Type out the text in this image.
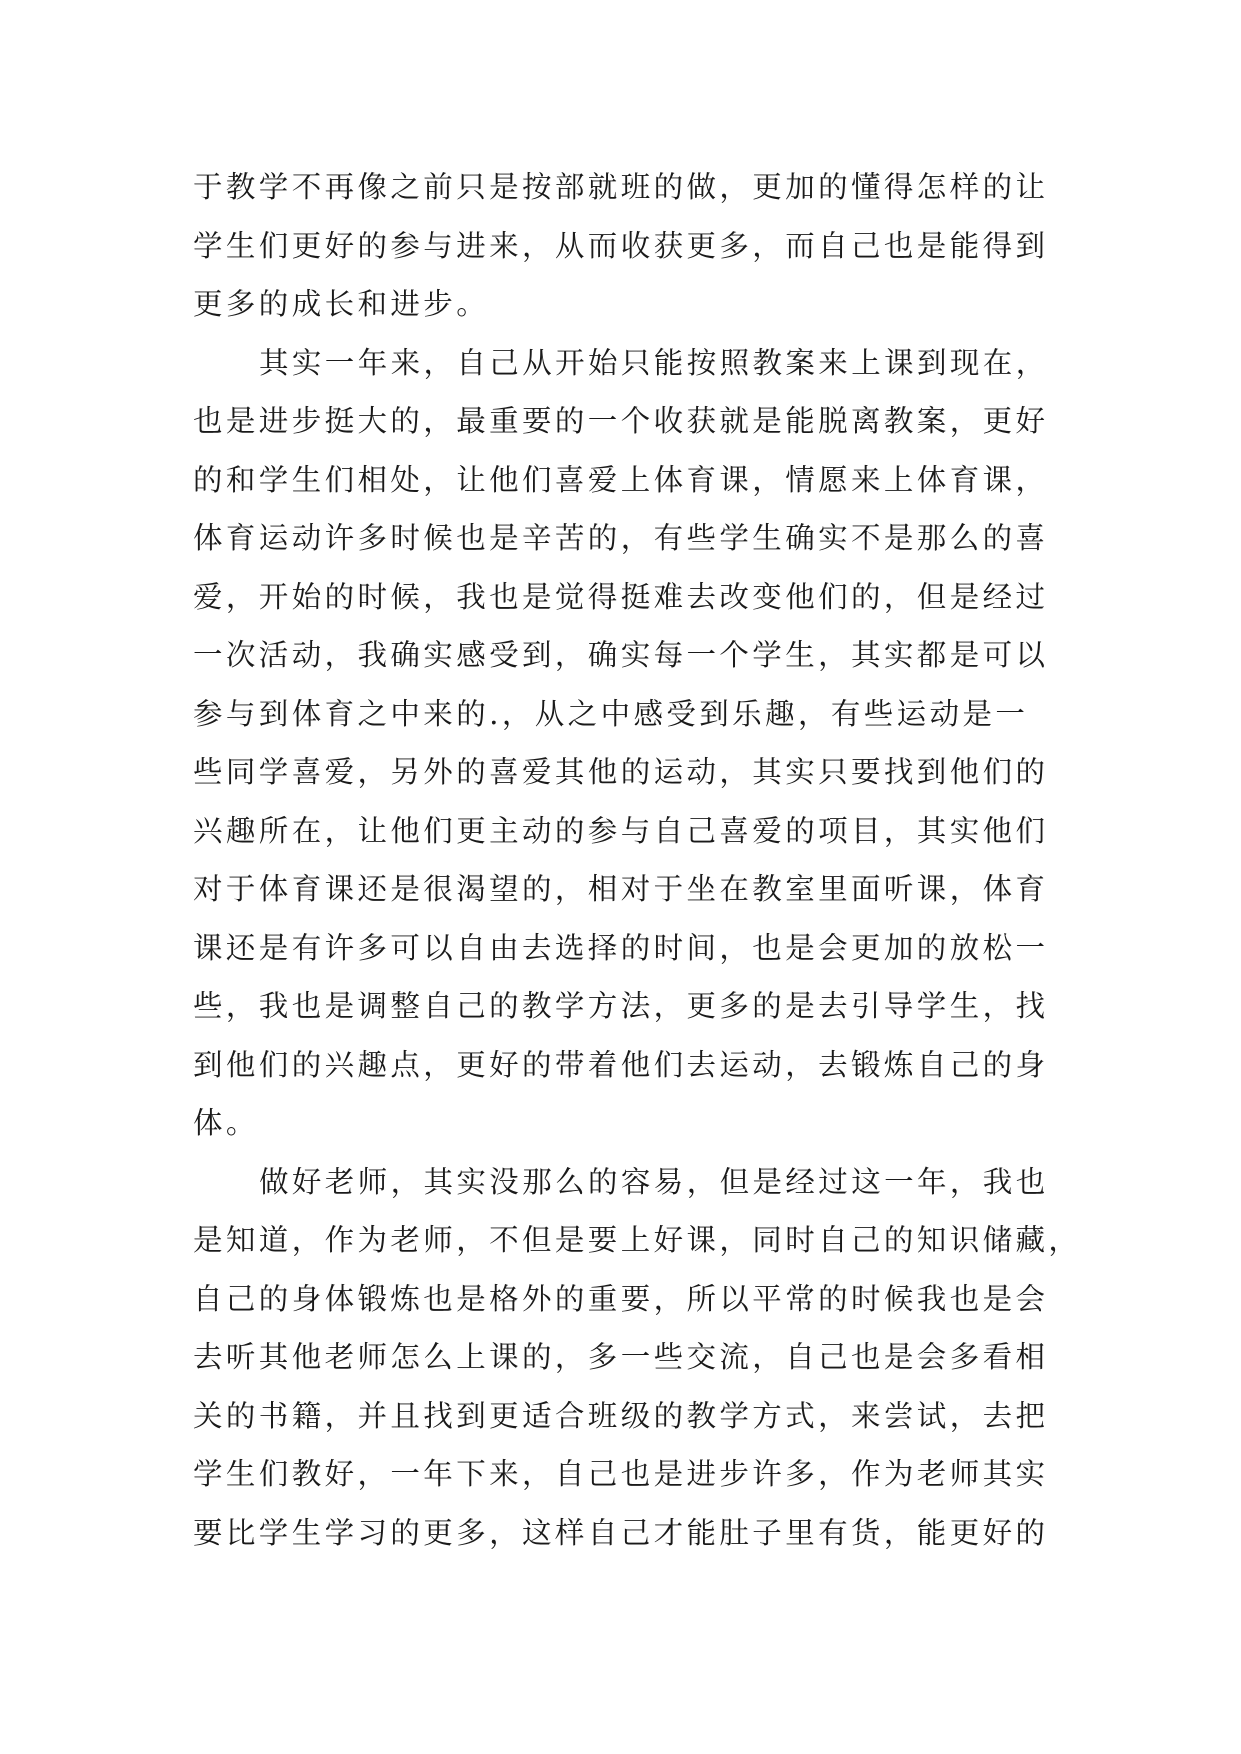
于教学不再像之前只是按部就班的做，更加的懂得怎样的让
学生们更好的参与进来，从而收获更多，而自己也是能得到
更多的成长和进步。
其实一年来，自己从开始只能按照教案来上课到现在，
也是进步挺大的，最重要的一个收获就是能脱离教案，更好
的和学生们相处，让他们喜爱上体育课，情愿来上体育课，
体育运动许多时候也是辛苦的，有些学生确实不是那么的喜
爱，开始的时候，我也是觉得挺难去改变他们的，但是经过
一次活动，我确实感受到，确实每一个学生，其实都是可以
参与到体育之中来的.，从之中感受到乐趣，有些运动是一
些同学喜爱，另外的喜爱其他的运动，其实只要找到他们的
兴趣所在，让他们更主动的参与自己喜爱的项目，其实他们
对于体育课还是很渴望的，相对于坐在教室里面听课，体育
课还是有许多可以自由去选择的时间，也是会更加的放松一
些，我也是调整自己的教学方法，更多的是去引导学生，找
到他们的兴趣点，更好的带着他们去运动，去锻炼自己的身
体。
做好老师，其实没那么的容易，但是经过这一年，我也
是知道，作为老师，不但是要上好课，同时自己的知识储藏，
自己的身体锻炼也是格外的重要，所以平常的时候我也是会
去听其他老师怎么上课的，多一些交流，自己也是会多看相
关的书籍，并且找到更适合班级的教学方式，来尝试，去把
学生们教好，一年下来，自己也是进步许多，作为老师其实
要比学生学习的更多，这样自己才能肚子里有货，能更好的
